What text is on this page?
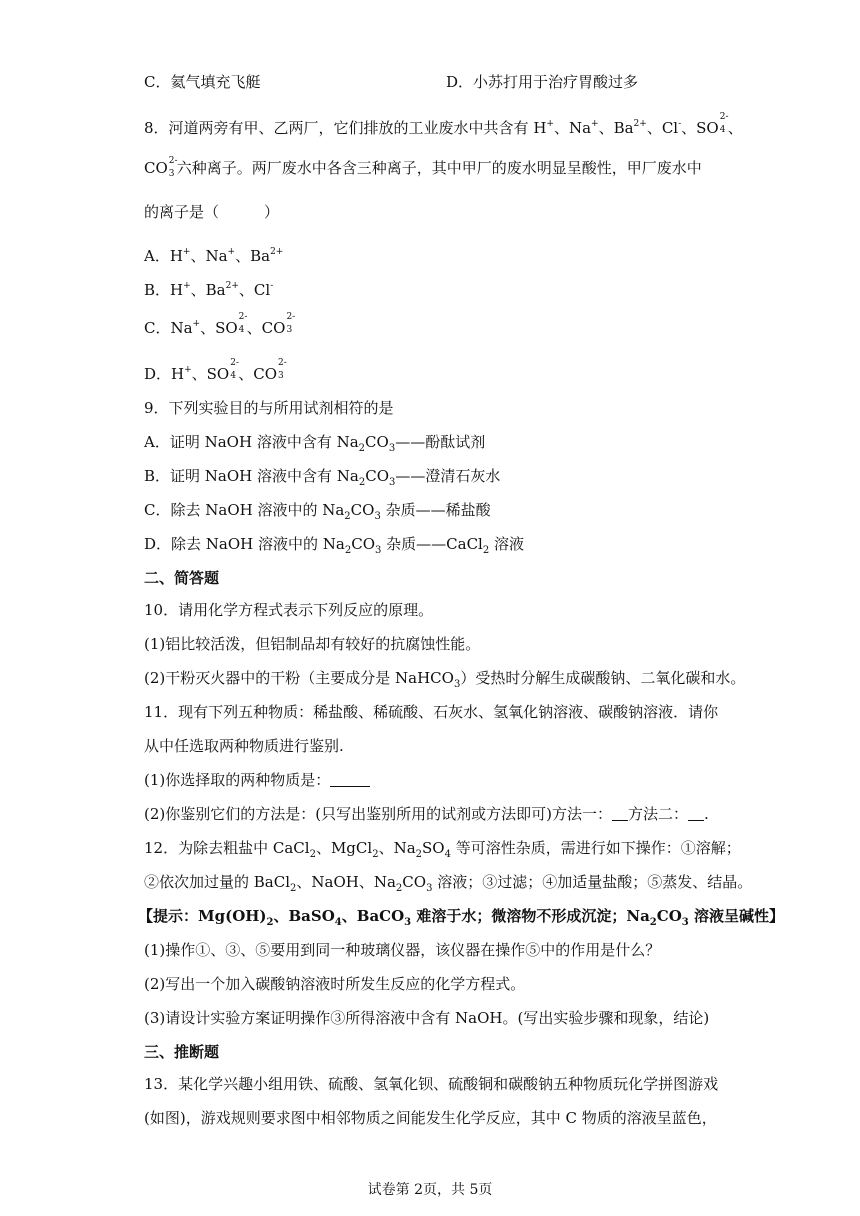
C．氦气填充飞艇	D．小苏打用于治疗胃酸过多
8．河道两旁有甲、乙两厂，它们排放的工业废水中共含有 H+、Na+、$Ba^{2+}$、Cl-、SO
2-
4 、
CO 2-
3 六种离子。两厂废水中各含三种离子，其中甲厂的废水明显呈酸性，甲厂废水中
的离子是（　　　）
A．H+、Na+、$Ba^{2+}$
B．H+、$Ba^{2+}$、Cl-
C．Na+、SO
2-
4 、CO
2-
3
D．H+、SO
2-
4 、CO
2-
3
9．下列实验目的与所用试剂相符的是
A．证明 NaOH 溶液中含有 $Na_2CO_3——$酚酞试剂
B．证明 NaOH 溶液中含有 $Na_2CO_3——$澄清石灰水
C．除去 NaOH 溶液中的 $Na_2CO_3$ 杂质——稀盐酸
D．除去 NaOH 溶液中的 $Na_2CO_3$ 杂质——CaCl$_2$ 溶液
二、简答题
10．请用化学方程式表示下列反应的原理。
(1)铝比较活泼，但铝制品却有较好的抗腐蚀性能。
(2)干粉灭火器中的干粉（主要成分是 NaHCO$_3$）受热时分解生成碳酸钠、二氧化碳和水。
11．现有下列五种物质：稀盐酸、稀硫酸、石灰水、氢氧化钠溶液、碳酸钠溶液．请你
从中任选取两种物质进行鉴别.
(1)你选择取的两种物质是：
(2)你鉴别它们的方法是：(只写出鉴别所用的试剂或方法即可)方法一： 方法二： .
12．为除去粗盐中 CaCl$_2$、MgCl$_2$、$Na_2SO_4$ 等可溶性杂质，需进行如下操作：①溶解；
②依次加过量的 BaCl$_2$、NaOH、$Na_2CO_3$ 溶液；③过滤；④加适量盐酸；⑤蒸发、结晶。
【提示：$Mg(OH)_2$、BaSO$_4$、BaCO$_3$ 难溶于水；微溶物不形成沉淀；$Na_2CO_3$ 溶液呈碱性】
(1)操作①、③、⑤要用到同一种玻璃仪器，该仪器在操作⑤中的作用是什么？
(2)写出一个加入碳酸钠溶液时所发生反应的化学方程式。
(3)请设计实验方案证明操作③所得溶液中含有 NaOH。(写出实验步骤和现象，结论)
三、推断题
13．某化学兴趣小组用铁、硫酸、氢氧化钡、硫酸铜和碳酸钠五种物质玩化学拼图游戏
(如图)，游戏规则要求图中相邻物质之间能发生化学反应，其中 C 物质的溶液呈蓝色，
试卷第 2页，共 5页
